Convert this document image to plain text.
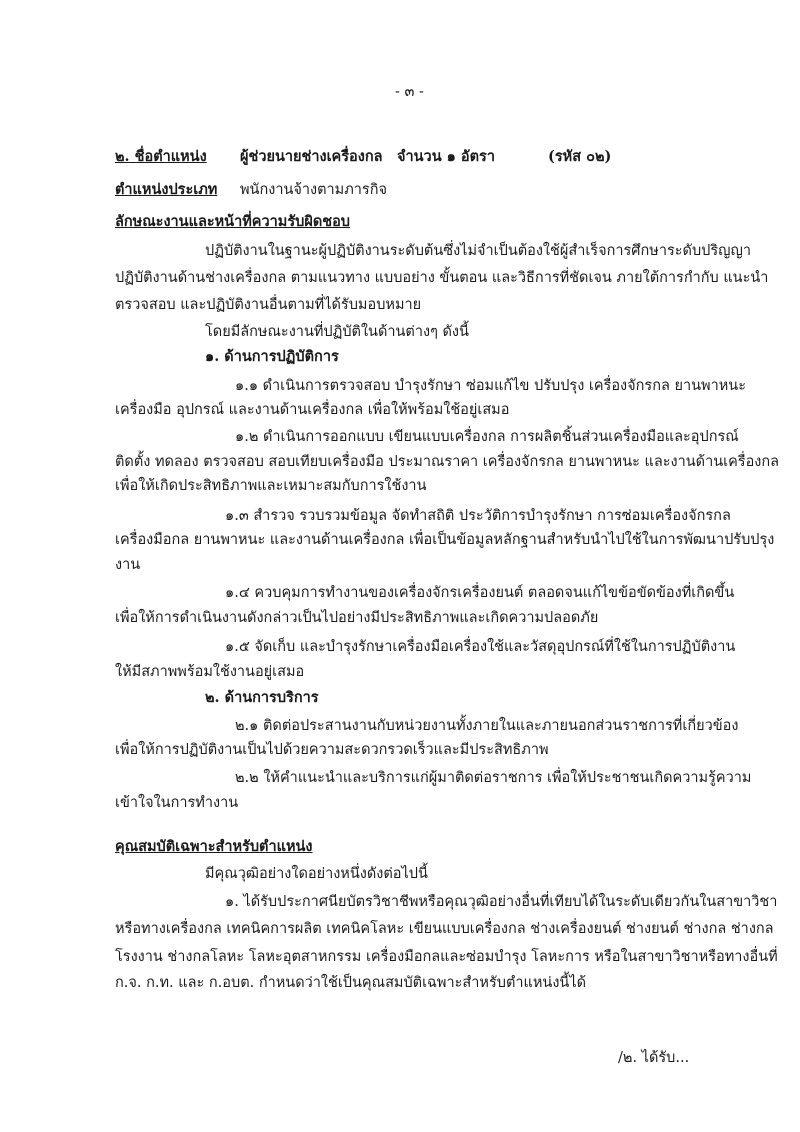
- ๓ -
๒. ชื่อตำแหน่ง ผู้ช่วยนายช่างเครื่องกล จำนวน ๑ อัตรา	(รหัส ๐๒)
ตำแหน่งประเภท พนักงานจ้างตามภารกิจ
ลักษณะงานและหน้าที่ความรับผิดชอบ
ปฏิบัติงานในฐานะผู้ปฏิบัติงานระดับต้นซึ่งไม่จำเป็นต้องใช้ผู้สำเร็จการศึกษาระดับปริญญา
ปฏิบัติงานด้านช่างเครื่องกล ตามแนวทาง แบบอย่าง ขั้นตอน และวิธีการที่ชัดเจน ภายใต้การกำกับ แนะนำ
ตรวจสอบ และปฏิบัติงานอื่นตามที่ได้รับมอบหมาย
โดยมีลักษณะงานที่ปฏิบัติในด้านต่างๆ ดังนี้
๑. ด้านการปฏิบัติการ
๑.๑ ดำเนินการตรวจสอบ บำรุงรักษา ซ่อมแก้ไข ปรับปรุง เครื่องจักรกล ยานพาหนะ
เครื่องมือ อุปกรณ์ และงานด้านเครื่องกล เพื่อให้พร้อมใช้อยู่เสมอ
๑.๒ ดำเนินการออกแบบ เขียนแบบเครื่องกล การผลิตชิ้นส่วนเครื่องมือและอุปกรณ์
ติดตั้ง ทดลอง ตรวจสอบ สอบเทียบเครื่องมือ ประมาณราคา เครื่องจักรกล ยานพาหนะ และงานด้านเครื่องกล
เพื่อให้เกิดประสิทธิภาพและเหมาะสมกับการใช้งาน
๑.๓ สำรวจ รวบรวมข้อมูล จัดทำสถิติ ประวัติการบำรุงรักษา การซ่อมเครื่องจักรกล
เครื่องมือกล ยานพาหนะ และงานด้านเครื่องกล เพื่อเป็นข้อมูลหลักฐานสำหรับนำไปใช้ในการพัฒนาปรับปรุง
งาน
๑.๔ ควบคุมการทำงานของเครื่องจักรเครื่องยนต์ ตลอดจนแก้ไขข้อขัดข้องที่เกิดขึ้น
เพื่อให้การดำเนินงานดังกล่าวเป็นไปอย่างมีประสิทธิภาพและเกิดความปลอดภัย
๑.๕ จัดเก็บ และบำรุงรักษาเครื่องมือเครื่องใช้และวัสดุอุปกรณ์ที่ใช้ในการปฏิบัติงาน
ให้มีสภาพพร้อมใช้งานอยู่เสมอ
๒. ด้านการบริการ
๒.๑ ติดต่อประสานงานกับหน่วยงานทั้งภายในและภายนอกส่วนราชการที่เกี่ยวข้อง
เพื่อให้การปฏิบัติงานเป็นไปด้วยความสะดวกรวดเร็วและมีประสิทธิภาพ
๒.๒ ให้คำแนะนำและบริการแก่ผู้มาติดต่อราชการ เพื่อให้ประชาชนเกิดความรู้ความ
เข้าใจในการทำงาน
คุณสมบัติเฉพาะสำหรับตำแหน่ง
มีคุณวุฒิอย่างใดอย่างหนึ่งดังต่อไปนี้
๑. ได้รับประกาศนียบัตรวิชาชีพหรือคุณวุฒิอย่างอื่นที่เทียบได้ในระดับเดียวกันในสาขาวิชา
หรือทางเครื่องกล เทคนิคการผลิต เทคนิคโลหะ เขียนแบบเครื่องกล ช่างเครื่องยนต์ ช่างยนต์ ช่างกล ช่างกล
โรงงาน ช่างกลโลหะ โลหะอุตสาหกรรม เครื่องมือกลและซ่อมบำรุง โลหะการ หรือในสาขาวิชาหรือทางอื่นที่
ก.จ. ก.ท. และ ก.อบต. กำหนดว่าใช้เป็นคุณสมบัติเฉพาะสำหรับตำแหน่งนี้ได้
/๒. ได้รับ...
